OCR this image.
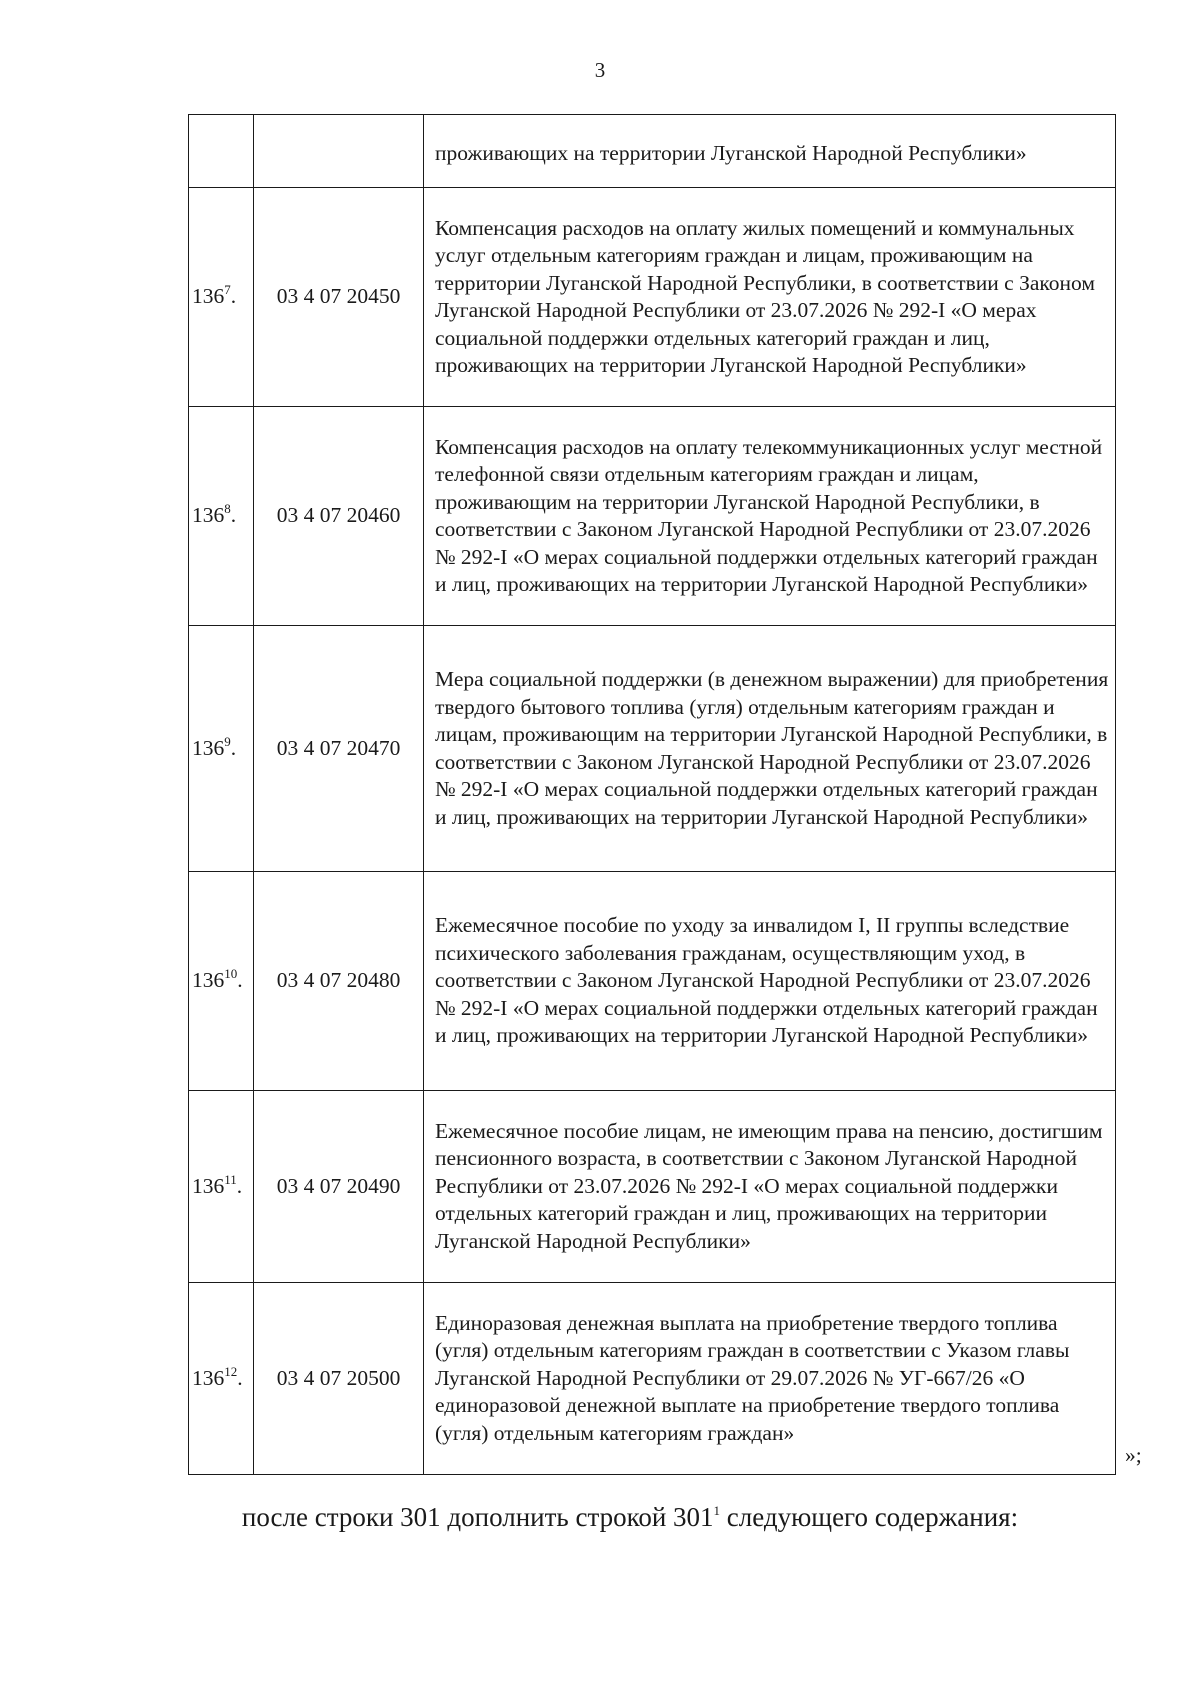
3
		проживающих на территории Луганской Народной Республики»
$136^7$.	03 4 07 20450	Компенсация расходов на оплату жилых помещений и коммунальных услуг отдельным категориям граждан и лицам, проживающим на территории Луганской Народной Республики, в соответствии с Законом Луганской Народной Республики от 23.07.2026 № 292-I «О мерах социальной поддержки отдельных категорий граждан и лиц, проживающих на территории Луганской Народной Республики»
$136^8$.	03 4 07 20460	Компенсация расходов на оплату телекоммуникационных услуг местной телефонной связи отдельным категориям граждан и лицам, проживающим на территории Луганской Народной Республики, в соответствии с Законом Луганской Народной Республики от 23.07.2026 № 292-I «О мерах социальной поддержки отдельных категорий граждан и лиц, проживающих на территории Луганской Народной Республики»
$136^9$.	03 4 07 20470	Мера социальной поддержки (в денежном выражении) для приобретения твердого бытового топлива (угля) отдельным категориям граждан и лицам, проживающим на территории Луганской Народной Республики, в соответствии с Законом Луганской Народной Республики от 23.07.2026 № 292-I «О мерах социальной поддержки отдельных категорий граждан и лиц, проживающих на территории Луганской Народной Республики»
$136^{10}$.	03 4 07 20480	Ежемесячное пособие по уходу за инвалидом I, II группы вследствие психического заболевания гражданам, осуществляющим уход, в соответствии с Законом Луганской Народной Республики от 23.07.2026 № 292-I «О мерах социальной поддержки отдельных категорий граждан и лиц, проживающих на территории Луганской Народной Республики»
$136^{11}$.	03 4 07 20490	Ежемесячное пособие лицам, не имеющим права на пенсию, достигшим пенсионного возраста, в соответствии с Законом Луганской Народной Республики от 23.07.2026 № 292-I «О мерах социальной поддержки отдельных категорий граждан и лиц, проживающих на территории Луганской Народной Республики»
$136^{12}$.	03 4 07 20500	Единоразовая денежная выплата на приобретение твердого топлива (угля) отдельным категориям граждан в соответствии с Указом главы Луганской Народной Республики от 29.07.2026 № УГ-667/26 «О единоразовой денежной выплате на приобретение твердого топлива (угля) отдельным категориям граждан»
»;
после строки 301 дополнить строкой $301^1$ следующего содержания:
